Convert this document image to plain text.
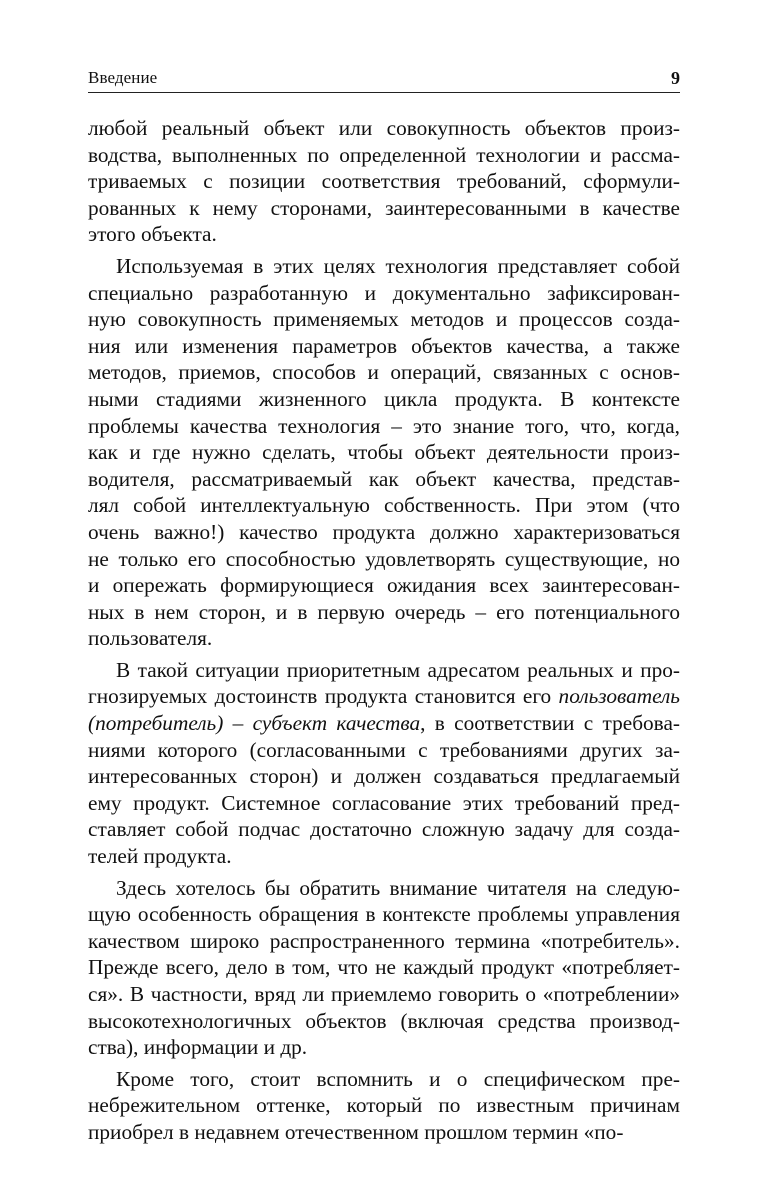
Введение	9
любой реальный объект или совокупность объектов произ-
водства, выполненных по определенной технологии и рассма-
триваемых с позиции соответствия требований, сформули-
рованных к нему сторонами, заинтересованными в качестве
этого объекта.
Используемая в этих целях технология представляет собой
специально разработанную и документально зафиксирован-
ную совокупность применяемых методов и процессов созда-
ния или изменения параметров объектов качества, а также
методов, приемов, способов и операций, связанных с основ-
ными стадиями жизненного цикла продукта. В контексте
проблемы качества технология – это знание того, что, когда,
как и где нужно сделать, чтобы объект деятельности произ-
водителя, рассматриваемый как объект качества, представ-
лял собой интеллектуальную собственность. При этом (что
очень важно!) качество продукта должно характеризоваться
не только его способностью удовлетворять существующие, но
и опережать формирующиеся ожидания всех заинтересован-
ных в нем сторон, и в первую очередь – его потенциального
пользователя.
В такой ситуации приоритетным адресатом реальных и про-
гнозируемых достоинств продукта становится его пользователь
(потребитель) – субъект качества, в соответствии с требова-
ниями которого (согласованными с требованиями других за-
интересованных сторон) и должен создаваться предлагаемый
ему продукт. Системное согласование этих требований пред-
ставляет собой подчас достаточно сложную задачу для созда-
телей продукта.
Здесь хотелось бы обратить внимание читателя на следую-
щую особенность обращения в контексте проблемы управления
качеством широко распространенного термина «потребитель».
Прежде всего, дело в том, что не каждый продукт «потребляет-
ся». В частности, вряд ли приемлемо говорить о «потреблении»
высокотехнологичных объектов (включая средства производ-
ства), информации и др.
Кроме того, стоит вспомнить и о специфическом пре-
небрежительном оттенке, который по известным причинам
приобрел в недавнем отечественном прошлом термин «по-
